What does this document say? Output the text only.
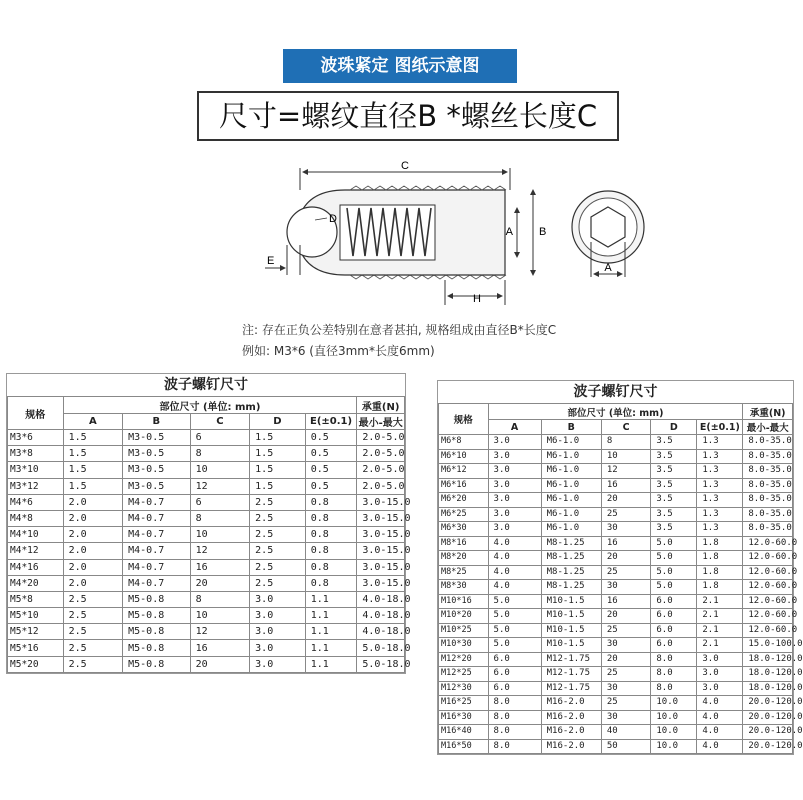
波珠紧定 图纸示意图
尺寸=螺纹直径B *螺丝长度C
C
D
E
H
A B
A
注: 存在正负公差特别在意者甚拍, 规格组成由直径B*长度C
例如: M3*6 (直径3mm*长度6mm)
波子螺钉尺寸
规格	部位尺寸 (单位: mm)					承重(N)
	A	B	C	D	E(±0.1)	最小-最大
M3*6	1.5	M3-0.5	6	1.5	0.5	2.0-5.0
M3*8	1.5	M3-0.5	8	1.5	0.5	2.0-5.0
M3*10	1.5	M3-0.5	10	1.5	0.5	2.0-5.0
M3*12	1.5	M3-0.5	12	1.5	0.5	2.0-5.0
M4*6	2.0	M4-0.7	6	2.5	0.8	3.0-15.0
M4*8	2.0	M4-0.7	8	2.5	0.8	3.0-15.0
M4*10	2.0	M4-0.7	10	2.5	0.8	3.0-15.0
M4*12	2.0	M4-0.7	12	2.5	0.8	3.0-15.0
M4*16	2.0	M4-0.7	16	2.5	0.8	3.0-15.0
M4*20	2.0	M4-0.7	20	2.5	0.8	3.0-15.0
M5*8	2.5	M5-0.8	8	3.0	1.1	4.0-18.0
M5*10	2.5	M5-0.8	10	3.0	1.1	4.0-18.0
M5*12	2.5	M5-0.8	12	3.0	1.1	4.0-18.0
M5*16	2.5	M5-0.8	16	3.0	1.1	5.0-18.0
M5*20	2.5	M5-0.8	20	3.0	1.1	5.0-18.0
波子螺钉尺寸
规格	部位尺寸 (单位: mm)					承重(N)
	A	B	C	D	E(±0.1)	最小-最大
M6*8	3.0	M6-1.0	8	3.5	1.3	8.0-35.0
M6*10	3.0	M6-1.0	10	3.5	1.3	8.0-35.0
M6*12	3.0	M6-1.0	12	3.5	1.3	8.0-35.0
M6*16	3.0	M6-1.0	16	3.5	1.3	8.0-35.0
M6*20	3.0	M6-1.0	20	3.5	1.3	8.0-35.0
M6*25	3.0	M6-1.0	25	3.5	1.3	8.0-35.0
M6*30	3.0	M6-1.0	30	3.5	1.3	8.0-35.0
M8*16	4.0	M8-1.25	16	5.0	1.8	12.0-60.0
M8*20	4.0	M8-1.25	20	5.0	1.8	12.0-60.0
M8*25	4.0	M8-1.25	25	5.0	1.8	12.0-60.0
M8*30	4.0	M8-1.25	30	5.0	1.8	12.0-60.0
M10*16	5.0	M10-1.5	16	6.0	2.1	12.0-60.0
M10*20	5.0	M10-1.5	20	6.0	2.1	12.0-60.0
M10*25	5.0	M10-1.5	25	6.0	2.1	12.0-60.0
M10*30	5.0	M10-1.5	30	6.0	2.1	15.0-100.0
M12*20	6.0	M12-1.75	20	8.0	3.0	18.0-120.0
M12*25	6.0	M12-1.75	25	8.0	3.0	18.0-120.0
M12*30	6.0	M12-1.75	30	8.0	3.0	18.0-120.0
M16*25	8.0	M16-2.0	25	10.0	4.0	20.0-120.0
M16*30	8.0	M16-2.0	30	10.0	4.0	20.0-120.0
M16*40	8.0	M16-2.0	40	10.0	4.0	20.0-120.0
M16*50	8.0	M16-2.0	50	10.0	4.0	20.0-120.0
